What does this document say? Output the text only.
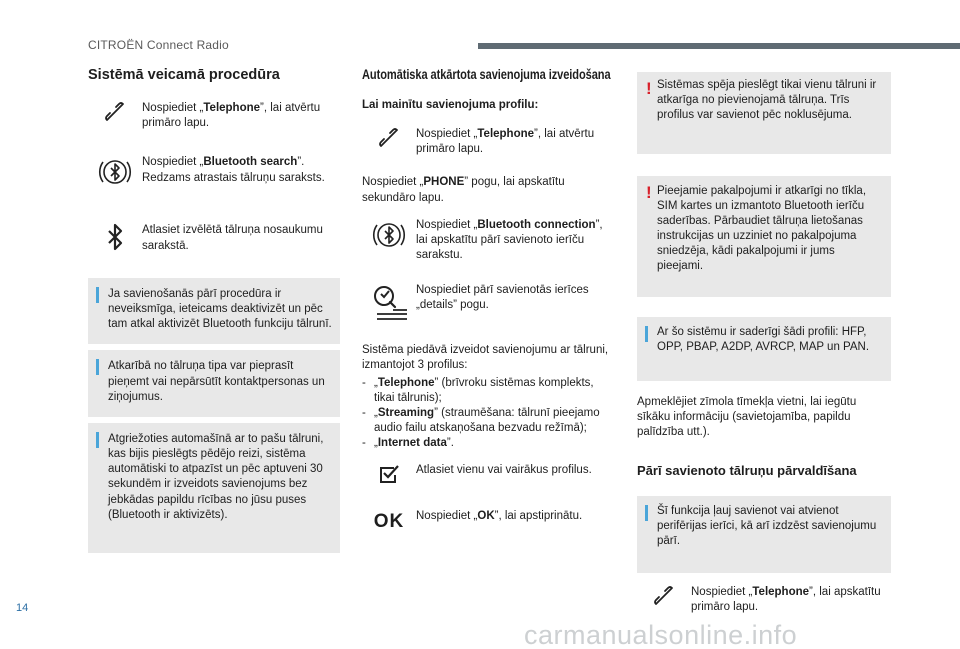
CITROËN Connect Radio
Sistēmā veicamā procedūra
Nospiediet „Telephone”, lai atvērtu primāro lapu.
Nospiediet „Bluetooth search”. Redzams atrastais tālruņu saraksts.
Atlasiet izvēlētā tālruņa nosaukumu sarakstā.
Ja savienošanās pārī procedūra ir neveiksmīga, ieteicams deaktivizēt un pēc tam atkal aktivizēt Bluetooth funkciju tālrunī.
Atkarībā no tālruņa tipa var pieprasīt pieņemt vai nepārsūtīt kontaktpersonas un ziņojumus.
Atgriežoties automašīnā ar to pašu tālruni, kas bijis pieslēgts pēdējo reizi, sistēma automātiski to atpazīst un pēc aptuveni 30 sekundēm ir izveidots savienojums bez jebkādas papildu rīcības no jūsu puses (Bluetooth ir aktivizēts).
Automātiska atkārtota savienojuma izveidošana
Lai mainītu savienojuma profilu:
Nospiediet „Telephone”, lai atvērtu primāro lapu.
Nospiediet „PHONE” pogu, lai apskatītu sekundāro lapu.
Nospiediet „Bluetooth connection”, lai apskatītu pārī savienoto ierīču sarakstu.
Nospiediet pārī savienotās ierīces „details” pogu.
Sistēma piedāvā izveidot savienojumu ar tālruni, izmantojot 3 profilus:
- „Telephone” (brīvroku sistēmas komplekts, tikai tālrunis);
- „Streaming” (straumēšana: tālrunī pieejamo audio failu atskaņošana bezvadu režīmā);
- „Internet data”.
Atlasiet vienu vai vairākus profilus.
OK	Nospiediet „OK”, lai apstiprinātu.
! Sistēmas spēja pieslēgt tikai vienu tālruni ir atkarīga no pievienojamā tālruņa. Trīs profilus var savienot pēc noklusējuma.
! Pieejamie pakalpojumi ir atkarīgi no tīkla, SIM kartes un izmantoto Bluetooth ierīču saderības. Pārbaudiet tālruņa lietošanas instrukcijas un uzziniet no pakalpojuma sniedzēja, kādi pakalpojumi ir jums pieejami.
Ar šo sistēmu ir saderīgi šādi profili: HFP, OPP, PBAP, A2DP, AVRCP, MAP un PAN.
Apmeklējiet zīmola tīmekļa vietni, lai iegūtu sīkāku informāciju (savietojamība, papildu palīdzība utt.).
Pārī savienoto tālruņu pārvaldīšana
Šī funkcija ļauj savienot vai atvienot perifērijas ierīci, kā arī izdzēst savienojumu pārī.
Nospiediet „Telephone”, lai apskatītu primāro lapu.
14
carmanualsonline.info
